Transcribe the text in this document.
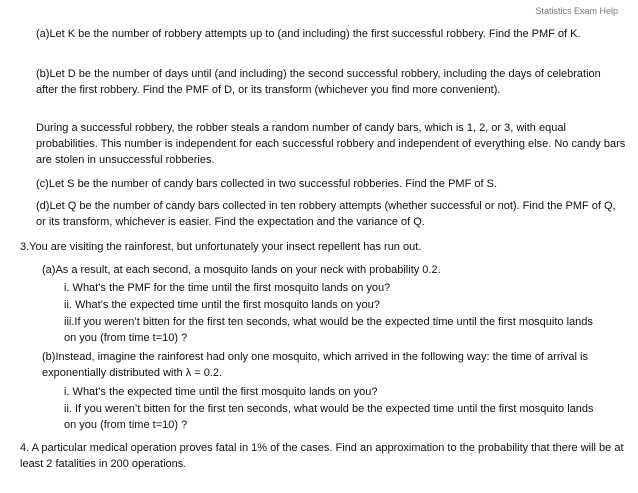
Statistics Exam Help
(a)Let K be the number of robbery attempts up to (and including) the first successful robbery. Find the PMF of K.
(b)Let D be the number of days until (and including) the second successful robbery, including the days of celebration after the first robbery. Find the PMF of D, or its transform (whichever you find more convenient).
During a successful robbery, the robber steals a random number of candy bars, which is 1, 2, or 3, with equal probabilities. This number is independent for each successful robbery and independent of everything else. No candy bars are stolen in unsuccessful robberies.
(c)Let S be the number of candy bars collected in two successful robberies. Find the PMF of S.
(d)Let Q be the number of candy bars collected in ten robbery attempts (whether successful or not). Find the PMF of Q, or its transform, whichever is easier. Find the expectation and the variance of Q.
3.You are visiting the rainforest, but unfortunately your insect repellent has run out.
(a)As a result, at each second, a mosquito lands on your neck with probability 0.2.
i. What’s the PMF for the time until the first mosquito lands on you?
ii. What’s the expected time until the first mosquito lands on you?
iii.If you weren’t bitten for the first ten seconds, what would be the expected time until the first mosquito lands on you (from time t=10) ?
(b)Instead, imagine the rainforest had only one mosquito, which arrived in the following way: the time of arrival is exponentially distributed with λ = 0.2.
i. What’s the expected time until the first mosquito lands on you?
ii. If you weren’t bitten for the first ten seconds, what would be the expected time until the first mosquito lands on you (from time t=10) ?
4. A particular medical operation proves fatal in 1% of the cases. Find an approximation to the probability that there will be at least 2 fatalities in 200 operations.
